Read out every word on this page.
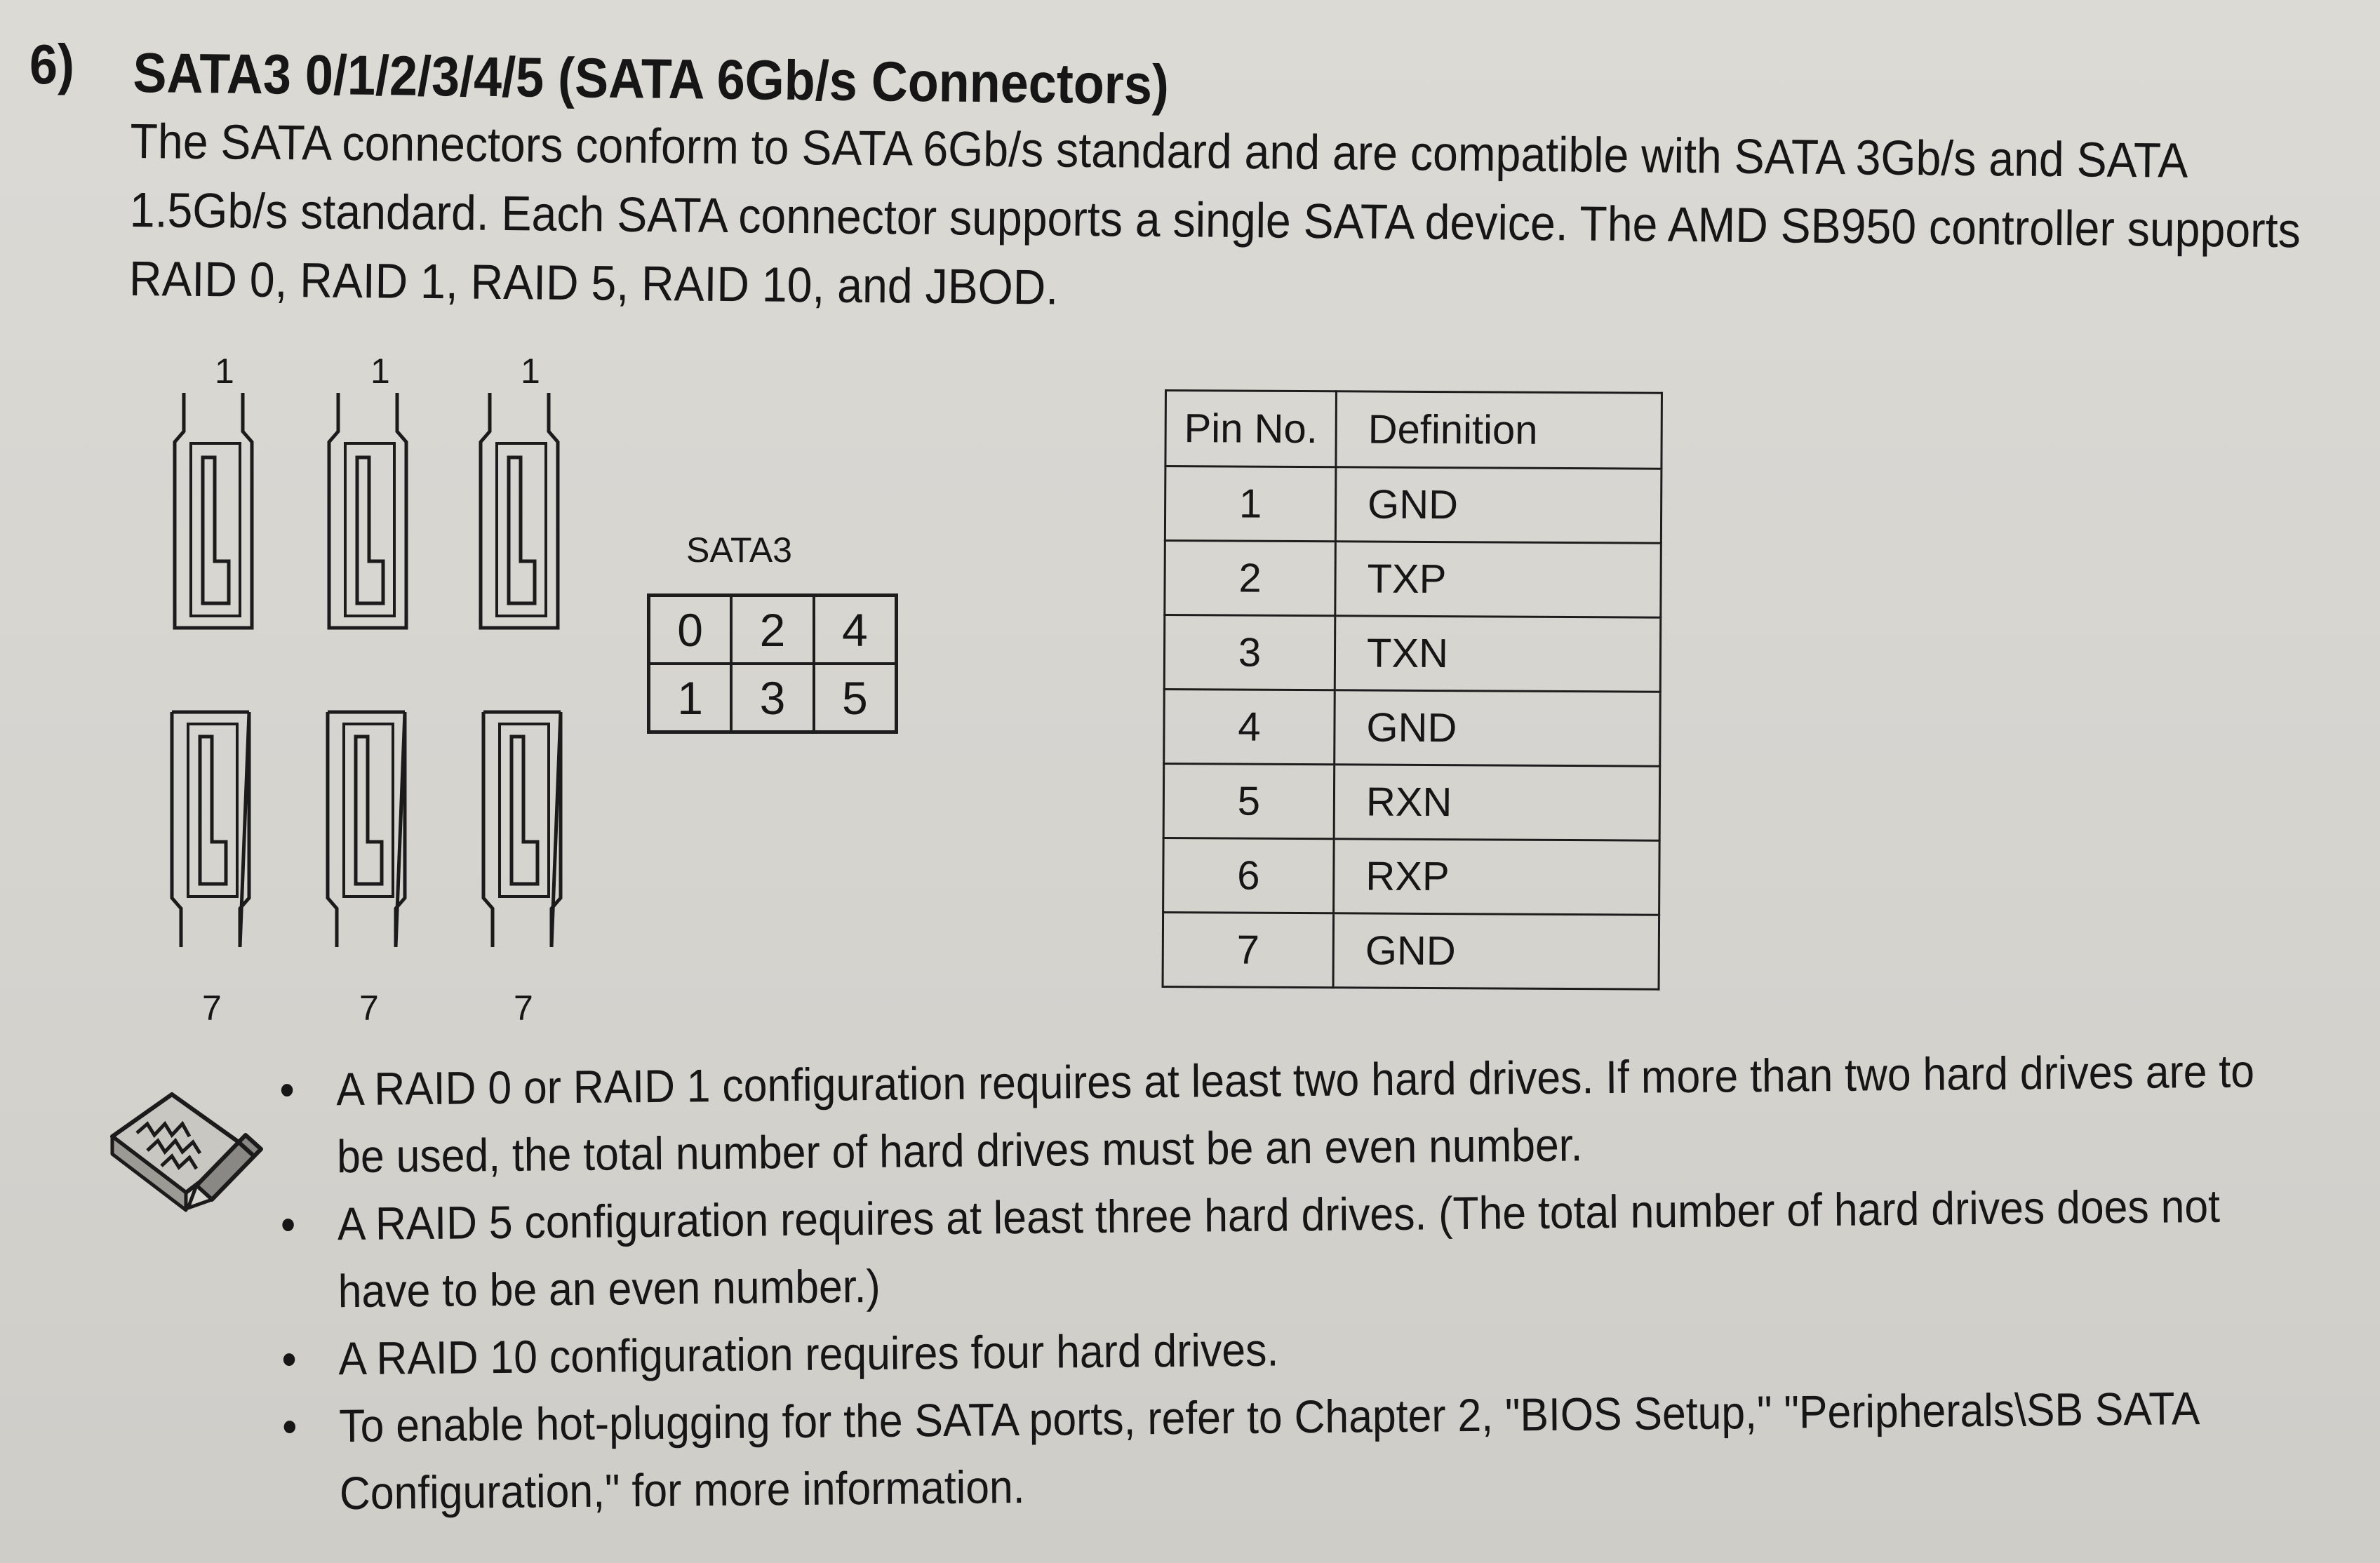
6) SATA3 0/1/2/3/4/5 (SATA 6Gb/s Connectors)

The SATA connectors conform to SATA 6Gb/s standard and are compatible with SATA 3Gb/s and SATA

1.5Gb/s standard. Each SATA connector supports a single SATA device. The AMD SB950 controller supports

RAID 0, RAID 1, RAID 5, RAID 10, and JBOD.

1	1	1
7	7	7
SATA3
0	2	4
1	3	5
Pin No.	Definition
1	GND
2	TXP
3	TXN
4	GND
5	RXN
6	RXP
7	GND
• A RAID 0 or RAID 1 configuration requires at least two hard drives. If more than two hard drives are to
be used, the total number of hard drives must be an even number.
• A RAID 5 configuration requires at least three hard drives. (The total number of hard drives does not
have to be an even number.)
• A RAID 10 configuration requires four hard drives.
• To enable hot-plugging for the SATA ports, refer to Chapter 2, "BIOS Setup," "Peripherals\SB SATA
Configuration," for more information.
